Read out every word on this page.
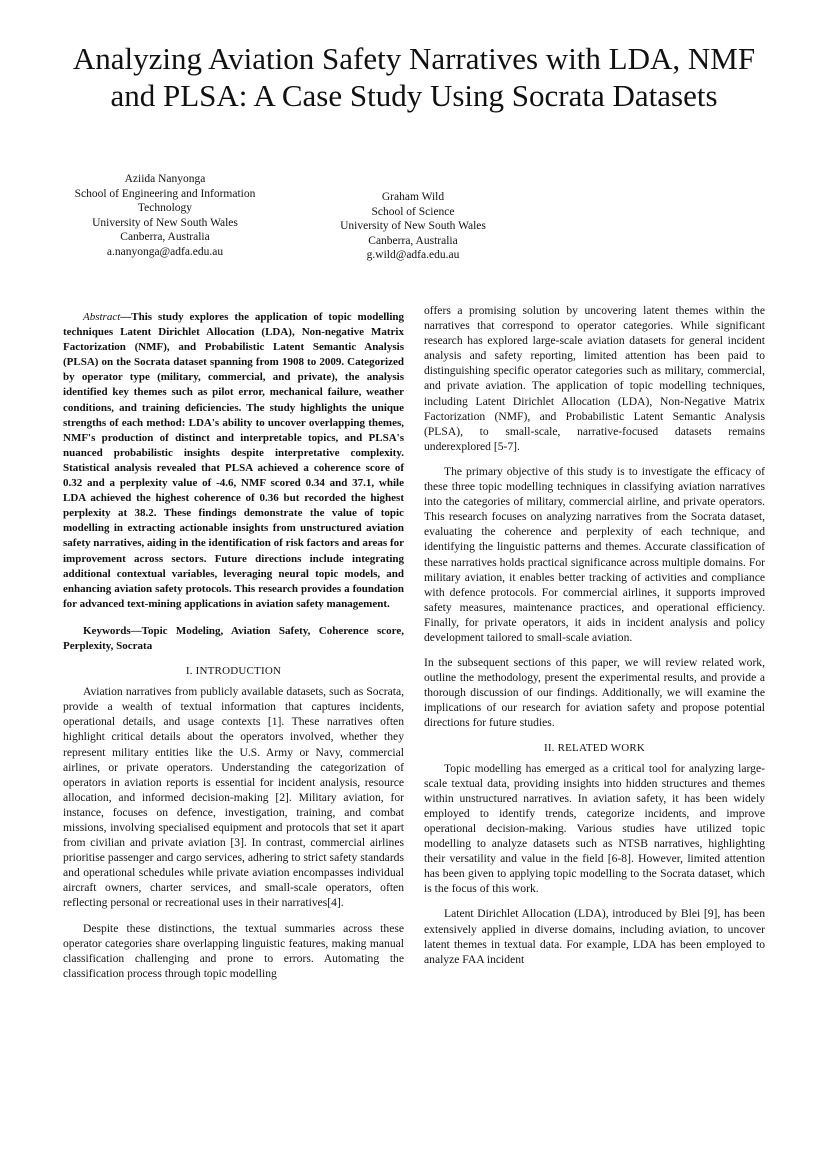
Analyzing Aviation Safety Narratives with LDA, NMF and PLSA: A Case Study Using Socrata Datasets
Aziida Nanyonga
School of Engineering and Information
Technology
University of New South Wales
Canberra, Australia
a.nanyonga@adfa.edu.au
Graham Wild
School of Science
University of New South Wales
Canberra, Australia
g.wild@adfa.edu.au

Abstract—This study explores the application of topic modelling techniques Latent Dirichlet Allocation (LDA), Non-negative Matrix Factorization (NMF), and Probabilistic Latent Semantic Analysis (PLSA) on the Socrata dataset spanning from 1908 to 2009. Categorized by operator type (military, commercial, and private), the analysis identified key themes such as pilot error, mechanical failure, weather conditions, and training deficiencies. The study highlights the unique strengths of each method: LDA's ability to uncover overlapping themes, NMF's production of distinct and interpretable topics, and PLSA's nuanced probabilistic insights despite interpretative complexity. Statistical analysis revealed that PLSA achieved a coherence score of 0.32 and a perplexity value of -4.6, NMF scored 0.34 and 37.1, while LDA achieved the highest coherence of 0.36 but recorded the highest perplexity at 38.2. These findings demonstrate the value of topic modelling in extracting actionable insights from unstructured aviation safety narratives, aiding in the identification of risk factors and areas for improvement across sectors. Future directions include integrating additional contextual variables, leveraging neural topic models, and enhancing aviation safety protocols. This research provides a foundation for advanced text-mining applications in aviation safety management.

Keywords—Topic Modeling, Aviation Safety, Coherence score, Perplexity, Socrata

I. INTRODUCTION

Aviation narratives from publicly available datasets, such as Socrata, provide a wealth of textual information that captures incidents, operational details, and usage contexts [1]. These narratives often highlight critical details about the operators involved, whether they represent military entities like the U.S. Army or Navy, commercial airlines, or private operators. Understanding the categorization of operators in aviation reports is essential for incident analysis, resource allocation, and informed decision-making [2]. Military aviation, for instance, focuses on defence, investigation, training, and combat missions, involving specialised equipment and protocols that set it apart from civilian and private aviation [3]. In contrast, commercial airlines prioritise passenger and cargo services, adhering to strict safety standards and operational schedules while private aviation encompasses individual aircraft owners, charter services, and small-scale operators, often reflecting personal or recreational uses in their narratives[4].

Despite these distinctions, the textual summaries across these operator categories share overlapping linguistic features, making manual classification challenging and prone to errors. Automating the classification process through topic modelling

offers a promising solution by uncovering latent themes within the narratives that correspond to operator categories. While significant research has explored large-scale aviation datasets for general incident analysis and safety reporting, limited attention has been paid to distinguishing specific operator categories such as military, commercial, and private aviation. The application of topic modelling techniques, including Latent Dirichlet Allocation (LDA), Non-Negative Matrix Factorization (NMF), and Probabilistic Latent Semantic Analysis (PLSA), to small-scale, narrative-focused datasets remains underexplored [5-7].

The primary objective of this study is to investigate the efficacy of these three topic modelling techniques in classifying aviation narratives into the categories of military, commercial airline, and private operators. This research focuses on analyzing narratives from the Socrata dataset, evaluating the coherence and perplexity of each technique, and identifying the linguistic patterns and themes. Accurate classification of these narratives holds practical significance across multiple domains. For military aviation, it enables better tracking of activities and compliance with defence protocols. For commercial airlines, it supports improved safety measures, maintenance practices, and operational efficiency. Finally, for private operators, it aids in incident analysis and policy development tailored to small-scale aviation.

In the subsequent sections of this paper, we will review related work, outline the methodology, present the experimental results, and provide a thorough discussion of our findings. Additionally, we will examine the implications of our research for aviation safety and propose potential directions for future studies.

II. RELATED WORK

Topic modelling has emerged as a critical tool for analyzing large-scale textual data, providing insights into hidden structures and themes within unstructured narratives. In aviation safety, it has been widely employed to identify trends, categorize incidents, and improve operational decision-making. Various studies have utilized topic modelling to analyze datasets such as NTSB narratives, highlighting their versatility and value in the field [6-8]. However, limited attention has been given to applying topic modelling to the Socrata dataset, which is the focus of this work.

Latent Dirichlet Allocation (LDA), introduced by Blei [9], has been extensively applied in diverse domains, including aviation, to uncover latent themes in textual data. For example, LDA has been employed to analyze FAA incident
